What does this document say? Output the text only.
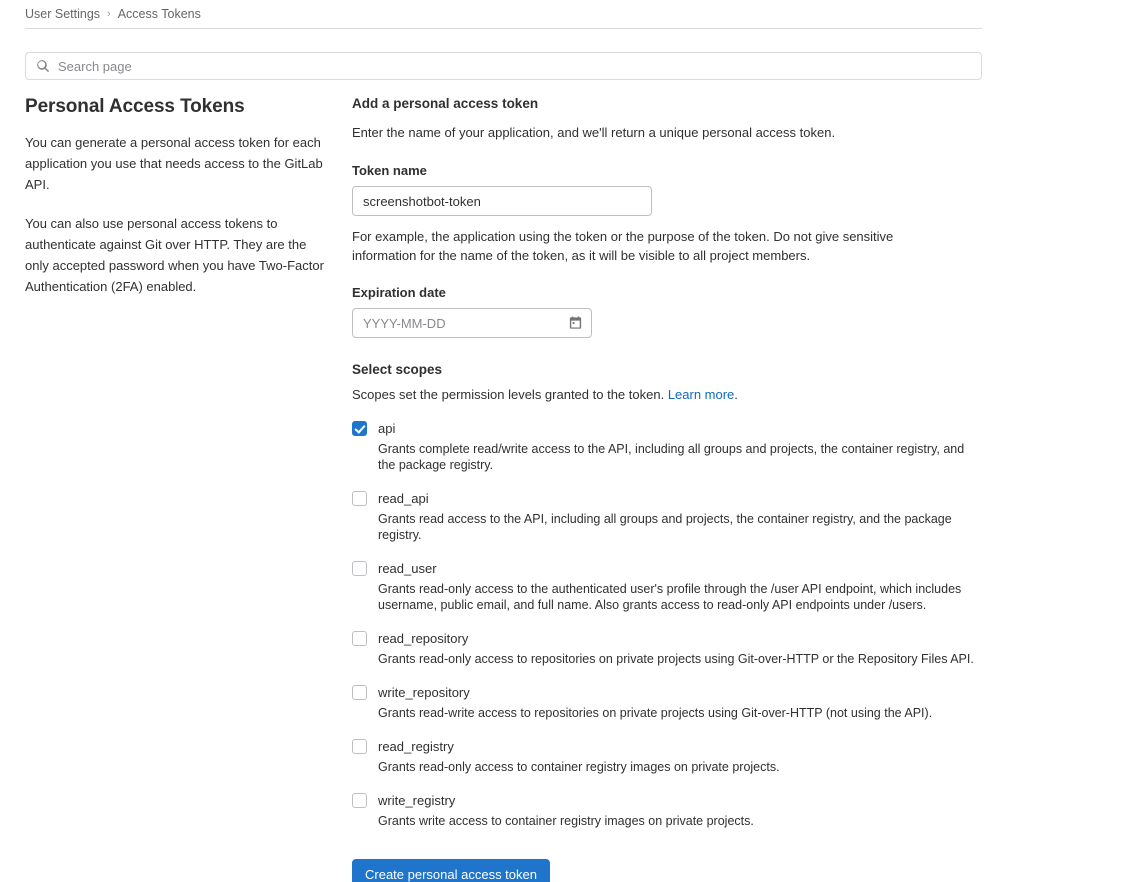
User Settings › Access Tokens
Search page
Personal Access Tokens

You can generate a personal access token for each application you use that needs access to the GitLab API.

You can also use personal access tokens to authenticate against Git over HTTP. They are the only accepted password when you have Two-Factor Authentication (2FA) enabled.

Add a personal access token
Enter the name of your application, and we'll return a unique personal access token.
Token name
screenshotbot-token

For example, the application using the token or the purpose of the token. Do not give sensitive information for the name of the token, as it will be visible to all project members.

Expiration date
YYYY-MM-DD
Select scopes
Scopes set the permission levels granted to the token. Learn more.
api
Grants complete read/write access to the API, including all groups and projects, the container registry, and the package registry.
read_api
Grants read access to the API, including all groups and projects, the container registry, and the package registry.
read_user
Grants read-only access to the authenticated user's profile through the /user API endpoint, which includes username, public email, and full name. Also grants access to read-only API endpoints under /users.
read_repository
Grants read-only access to repositories on private projects using Git-over-HTTP or the Repository Files API.
write_repository
Grants read-write access to repositories on private projects using Git-over-HTTP (not using the API).
read_registry
Grants read-only access to container registry images on private projects.
write_registry
Grants write access to container registry images on private projects.
Create personal access token
